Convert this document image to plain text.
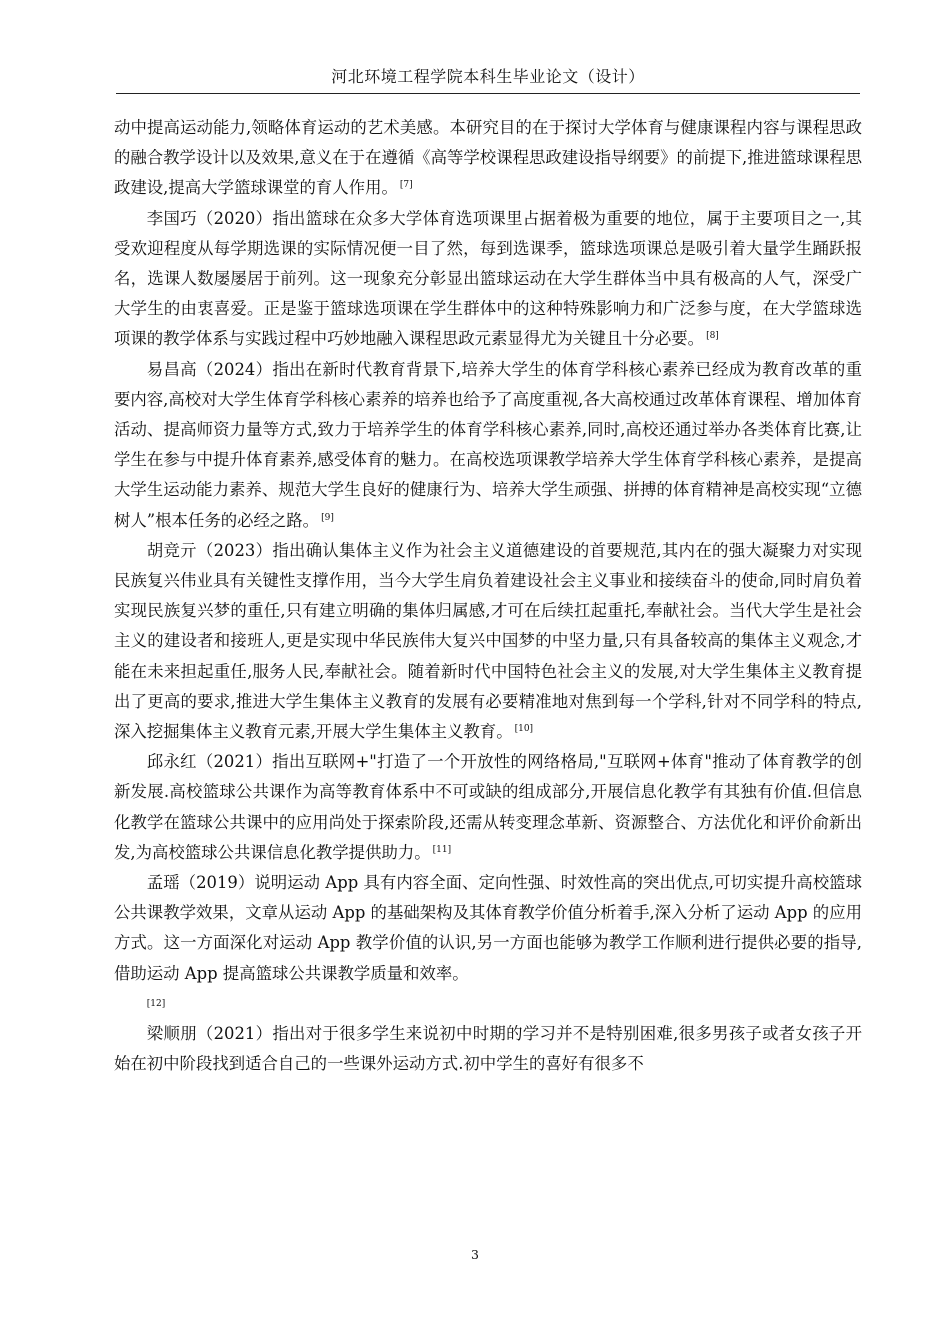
河北环境工程学院本科生毕业论文（设计）

动中提高运动能力,领略体育运动的艺术美感。本研究目的在于探讨大学体育与健康课程内容与课程思政的融合教学设计以及效果,意义在于在遵循《高等学校课程思政建设指导纲要》的前提下,推进篮球课程思政建设,提高大学篮球课堂的育人作用。 [7]

李国巧（2020）指出篮球在众多大学体育选项课里占据着极为重要的地位，属于主要项目之一,其受欢迎程度从每学期选课的实际情况便一目了然，每到选课季，篮球选项课总是吸引着大量学生踊跃报名，选课人数屡屡居于前列。这一现象充分彰显出篮球运动在大学生群体当中具有极高的人气，深受广大学生的由衷喜爱。正是鉴于篮球选项课在学生群体中的这种特殊影响力和广泛参与度，在大学篮球选项课的教学体系与实践过程中巧妙地融入课程思政元素显得尤为关键且十分必要。 [8]

易昌高（2024）指出在新时代教育背景下,培养大学生的体育学科核心素养已经成为教育改革的重要内容,高校对大学生体育学科核心素养的培养也给予了高度重视,各大高校通过改革体育课程、增加体育活动、提高师资力量等方式,致力于培养学生的体育学科核心素养,同时,高校还通过举办各类体育比赛,让学生在参与中提升体育素养,感受体育的魅力。在高校选项课教学培养大学生体育学科核心素养，是提高大学生运动能力素养、规范大学生良好的健康行为、培养大学生顽强、拼搏的体育精神是高校实现“立德树人”根本任务的必经之路。 [9]

胡竞亓（2023）指出确认集体主义作为社会主义道德建设的首要规范,其内在的强大凝聚力对实现民族复兴伟业具有关键性支撑作用，当今大学生肩负着建设社会主义事业和接续奋斗的使命,同时肩负着实现民族复兴梦的重任,只有建立明确的集体归属感,才可在后续扛起重托,奉献社会。当代大学生是社会主义的建设者和接班人,更是实现中华民族伟大复兴中国梦的中坚力量,只有具备较高的集体主义观念,才能在未来担起重任,服务人民,奉献社会。随着新时代中国特色社会主义的发展,对大学生集体主义教育提出了更高的要求,推进大学生集体主义教育的发展有必要精准地对焦到每一个学科,针对不同学科的特点,深入挖掘集体主义教育元素,开展大学生集体主义教育。 [10]

邱永红（2021）指出互联网+"打造了一个开放性的网络格局,"互联网+体育"推动了体育教学的创新发展.高校篮球公共课作为高等教育体系中不可或缺的组成部分,开展信息化教学有其独有价值.但信息化教学在篮球公共课中的应用尚处于探索阶段,还需从转变理念革新、资源整合、方法优化和评价俞新出发,为高校篮球公共课信息化教学提供助力。 [11]

孟瑶（2019）说明运动 App 具有内容全面、定向性强、时效性高的突出优点,可切实提升高校篮球公共课教学效果，文章从运动 App 的基础架构及其体育教学价值分析着手,深入分析了运动 App 的应用方式。这一方面深化对运动 App 教学价值的认识,另一方面也能够为教学工作顺利进行提供必要的指导,借助运动 App 提高篮球公共课教学质量和效率。
[12]

梁顺朋（2021）指出对于很多学生来说初中时期的学习并不是特别困难,很多男孩子或者女孩子开始在初中阶段找到适合自己的一些课外运动方式.初中学生的喜好有很多不

3
